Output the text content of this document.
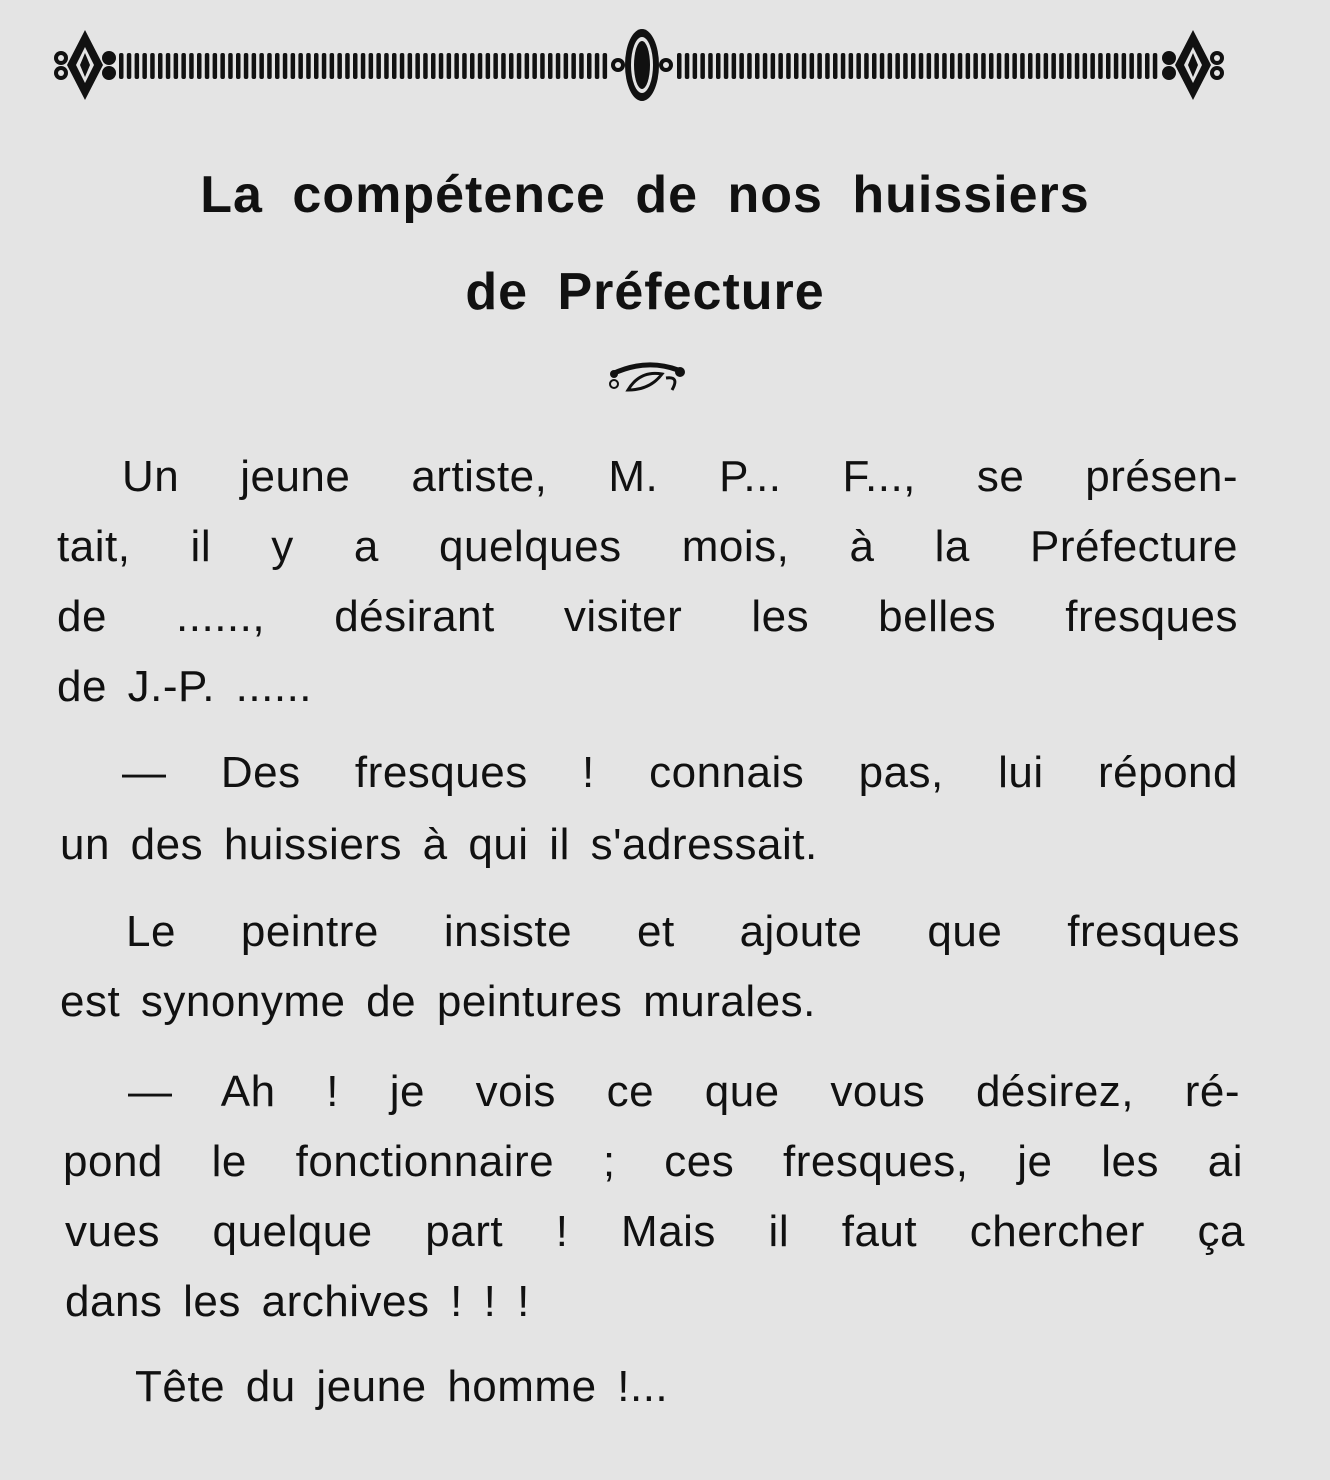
La compétence de nos huissiers
de Préfecture
Un jeune artiste, M. P... F..., se présen-
tait, il y a quelques mois, à la Préfecture
de ......, désirant visiter les belles fresques
de J.-P. ......
— Des fresques ! connais pas, lui répond
un des huissiers à qui il s'adressait.
Le peintre insiste et ajoute que fresques
est synonyme de peintures murales.
— Ah ! je vois ce que vous désirez, ré-
pond le fonctionnaire ; ces fresques, je les ai
vues quelque part ! Mais il faut chercher ça
dans les archives ! ! !
Tête du jeune homme !...
